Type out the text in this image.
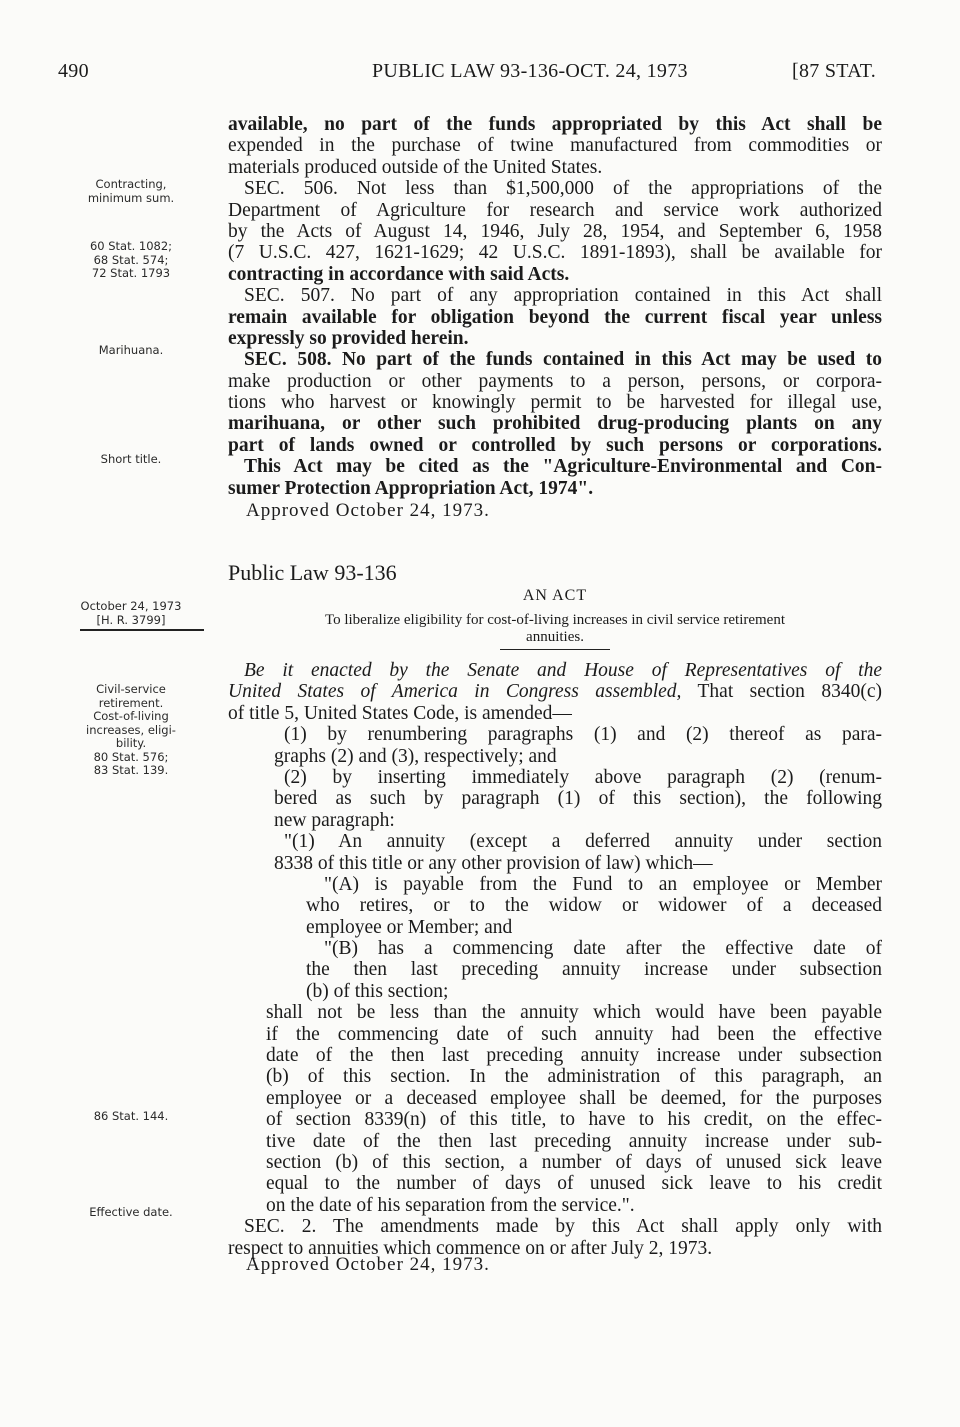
490	PUBLIC LAW 93-136-OCT. 24, 1973	[87 STAT.
Contracting,
minimum sum.
60 Stat. 1082;
68 Stat. 574;
72 Stat. 1793
Marihuana.
Short title.
October 24, 1973
[H. R. 3799]
Civil-service
retirement.
Cost-of-living
increases, eligi-
bility.
80 Stat. 576;
83 Stat. 139.
86 Stat. 144.
Effective date.
available, no part of the funds appropriated by this Act shall be
expended in the purchase of twine manufactured from commodities or
materials produced outside of the United States.
SEC. 506. Not less than $1,500,000 of the appropriations of the
Department of Agriculture for research and service work authorized
by the Acts of August 14, 1946, July 28, 1954, and September 6, 1958
(7 U.S.C. 427, 1621-1629; 42 U.S.C. 1891-1893), shall be available for
contracting in accordance with said Acts.
SEC. 507. No part of any appropriation contained in this Act shall
remain available for obligation beyond the current fiscal year unless
expressly so provided herein.
SEC. 508. No part of the funds contained in this Act may be used to
make production or other payments to a person, persons, or corpora-
tions who harvest or knowingly permit to be harvested for illegal use,
marihuana, or other such prohibited drug-producing plants on any
part of lands owned or controlled by such persons or corporations.
This Act may be cited as the "Agriculture-Environmental and Con-
sumer Protection Appropriation Act, 1974".
Approved October 24, 1973.
Public Law 93-136
AN ACT
To liberalize eligibility for cost-of-living increases in civil service retirement
annuities.
Be it enacted by the Senate and House of Representatives of the
United States of America in Congress assembled, That section 8340(c)
of title 5, United States Code, is amended—
(1) by renumbering paragraphs (1) and (2) thereof as para-
graphs (2) and (3), respectively; and
(2) by inserting immediately above paragraph (2) (renum-
bered as such by paragraph (1) of this section), the following
new paragraph:
"(1) An annuity (except a deferred annuity under section
8338 of this title or any other provision of law) which—
"(A) is payable from the Fund to an employee or Member
who retires, or to the widow or widower of a deceased
employee or Member; and
"(B) has a commencing date after the effective date of
the then last preceding annuity increase under subsection
(b) of this section;
shall not be less than the annuity which would have been payable
if the commencing date of such annuity had been the effective
date of the then last preceding annuity increase under subsection
(b) of this section. In the administration of this paragraph, an
employee or a deceased employee shall be deemed, for the purposes
of section 8339(n) of this title, to have to his credit, on the effec-
tive date of the then last preceding annuity increase under sub-
section (b) of this section, a number of days of unused sick leave
equal to the number of days of unused sick leave to his credit
on the date of his separation from the service.".
SEC. 2. The amendments made by this Act shall apply only with
respect to annuities which commence on or after July 2, 1973.
Approved October 24, 1973.
